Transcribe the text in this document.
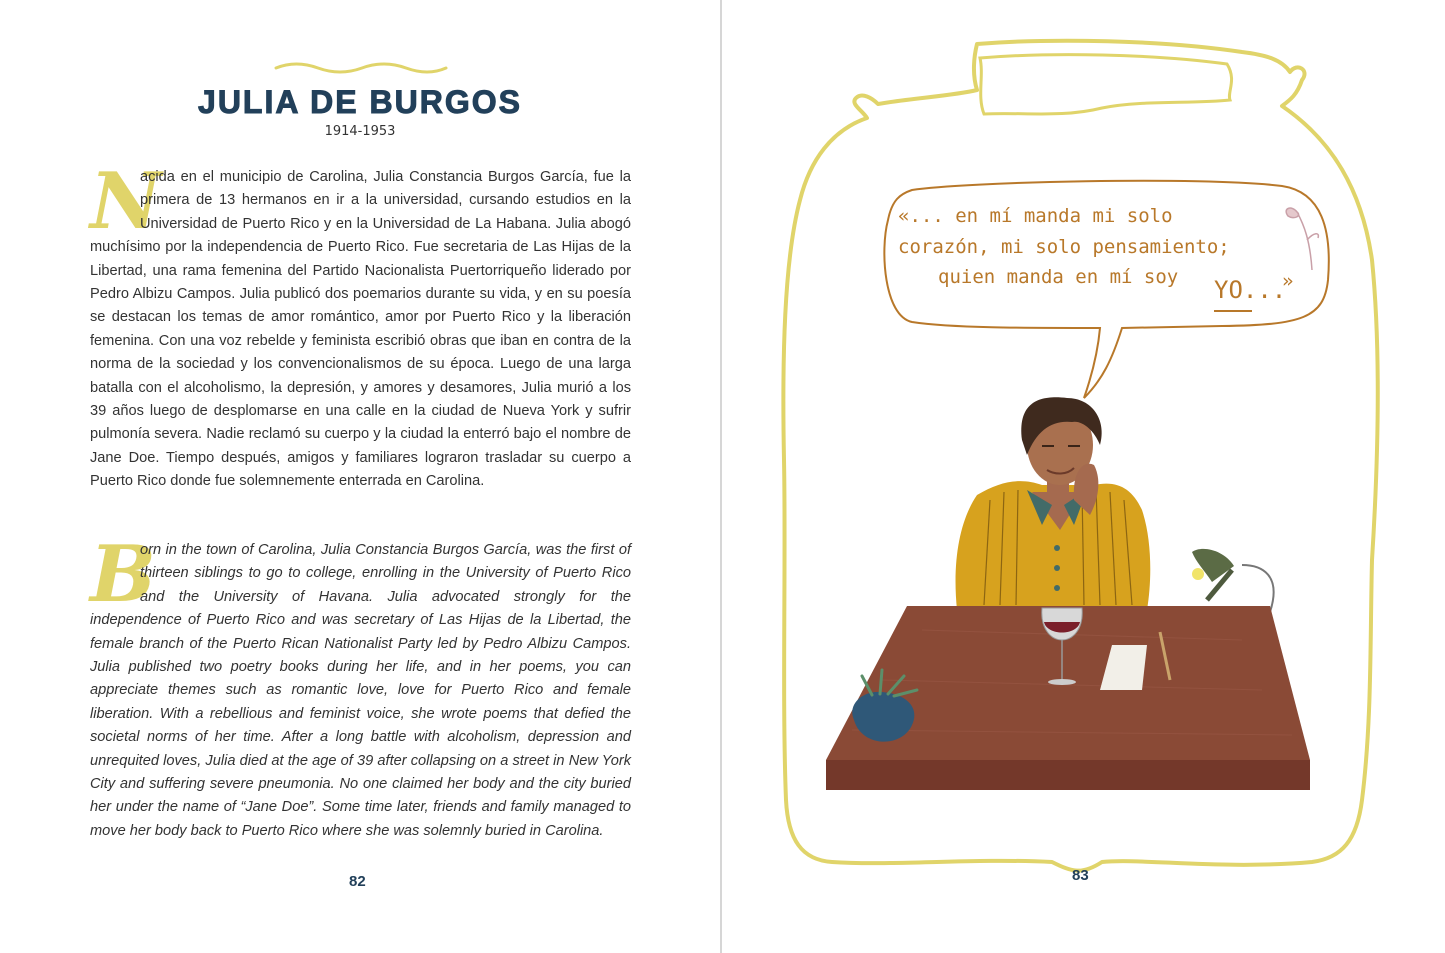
JULIA DE BURGOS
1914-1953

N
acida en el municipio de Carolina, Julia Constancia Burgos García, fue la primera de 13 hermanos en ir a la universidad, cursando estudios en la Universidad de Puerto Rico y en la Universidad de La Habana. Julia abogó muchísimo por la independencia de Puerto Rico. Fue secretaria de Las Hijas de la Libertad, una rama femenina del Partido Nacionalista Puertorriqueño liderado por Pedro Albizu Campos. Julia publicó dos poemarios durante su vida, y en su poesía se destacan los temas de amor romántico, amor por Puerto Rico y la liberación femenina. Con una voz rebelde y feminista escribió obras que iban en contra de la norma de la sociedad y los convencionalismos de su época. Luego de una larga batalla con el alcoholismo, la depresión, y amores y desamores, Julia murió a los 39 años luego de desplomarse en una calle en la ciudad de Nueva York y sufrir pulmonía severa. Nadie reclamó su cuerpo y la ciudad la enterró bajo el nombre de Jane Doe. Tiempo después, amigos y familiares lograron trasladar su cuerpo a Puerto Rico donde fue solemnemente enterrada en Carolina.

B
orn in the town of Carolina, Julia Constancia Burgos García, was the first of thirteen siblings to go to college, enrolling in the University of Puerto Rico and the University of Havana. Julia advocated strongly for the independence of Puerto Rico and was secretary of Las Hijas de la Libertad, the female branch of the Puerto Rican Nationalist Party led by Pedro Albizu Campos. Julia published two poetry books during her life, and in her poems, you can appreciate themes such as romantic love, love for Puerto Rico and female liberation. With a rebellious and feminist voice, she wrote poems that defied the societal norms of her time. After a long battle with alcoholism, depression and unrequited loves, Julia died at the age of 39 after collapsing on a street in New York City and suffering severe pneumonia. No one claimed her body and the city buried her under the name of “Jane Doe”. Some time later, friends and family managed to move her body back to Puerto Rico where she was solemnly buried in Carolina.

82
«... en mí manda mi solo
corazón, mi solo pensamiento;
quien manda en mí soy YO...
»
83
